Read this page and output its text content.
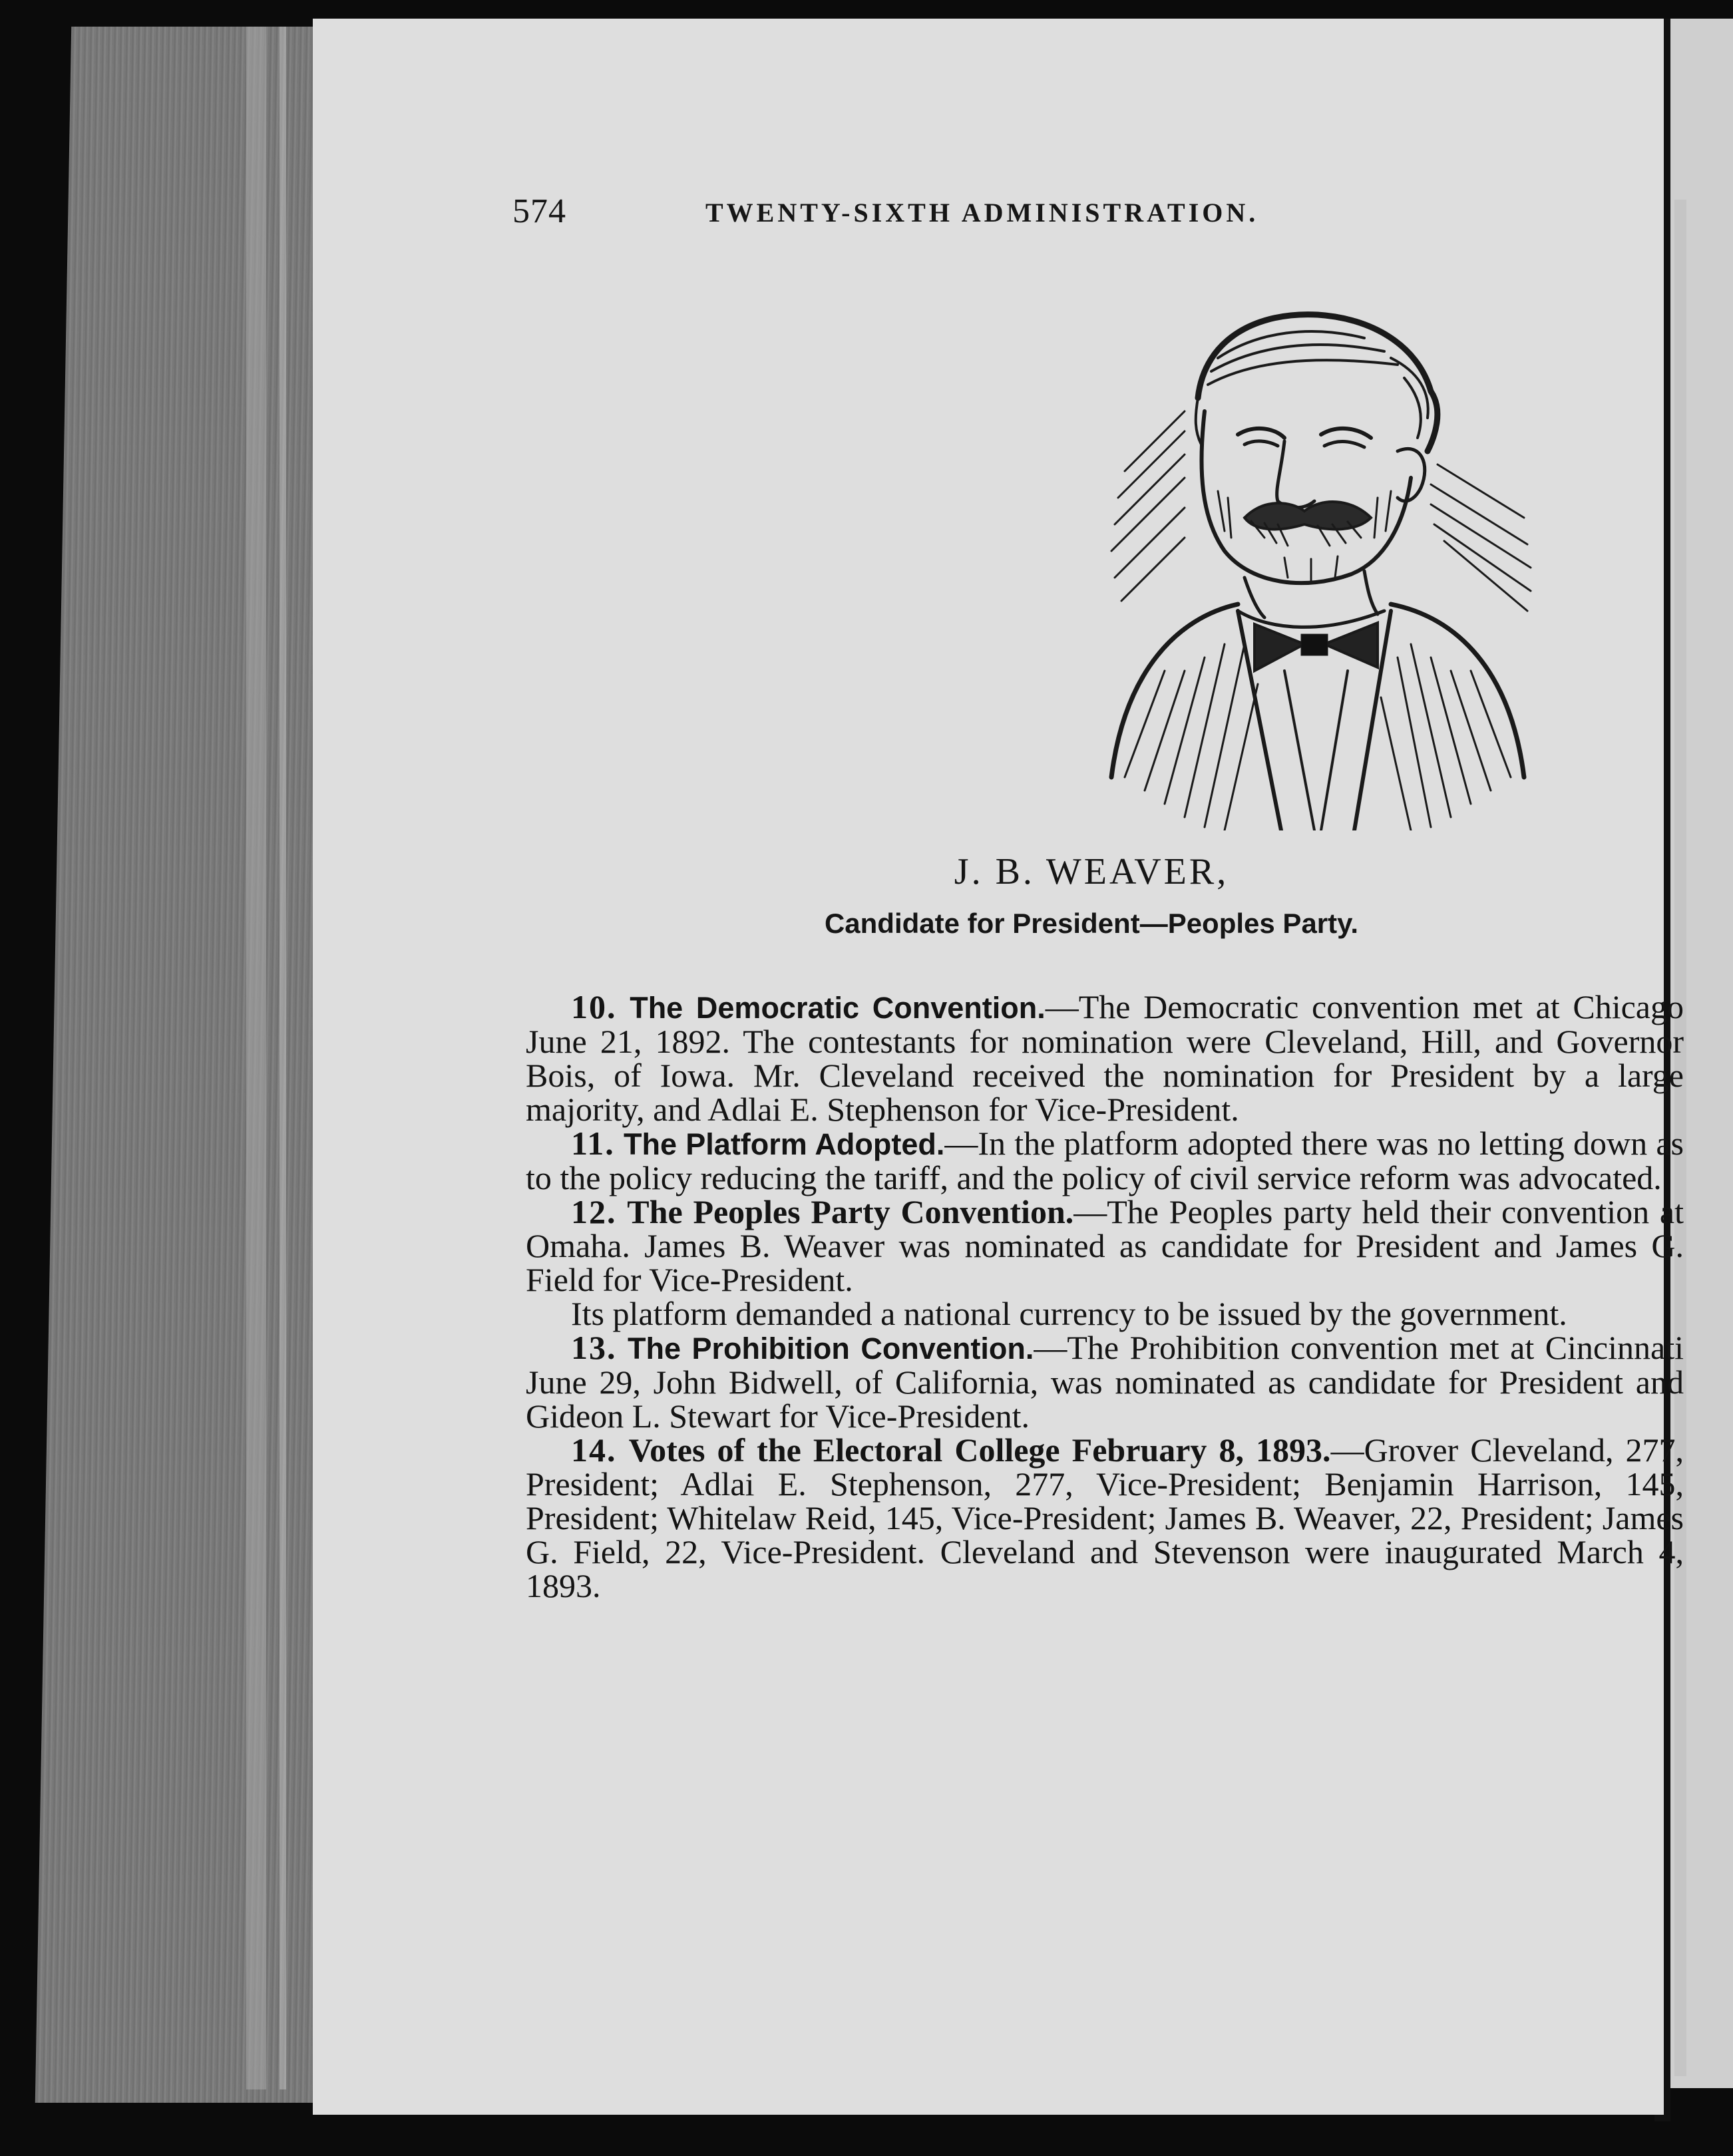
574	TWENTY-SIXTH ADMINISTRATION.
J. B. WEAVER,
Candidate for President—Peoples Party.

10. The Democratic Convention.—The Democratic convention met at Chicago June 21, 1892. The contestants for nomination were Cleveland, Hill, and Governor Bois, of Iowa. Mr. Cleveland received the nomination for President by a large majority, and Adlai E. Stephenson for Vice-President.

11. The Platform Adopted.—In the platform adopted there was no letting down as to the policy reducing the tariff, and the policy of civil service reform was advocated.

12. The Peoples Party Convention.—The Peoples party held their convention at Omaha. James B. Weaver was nominated as candidate for President and James G. Field for Vice-President.

Its platform demanded a national currency to be issued by the government.

13. The Prohibition Convention.—The Prohibition convention met at Cincinnati June 29, John Bidwell, of California, was nominated as candidate for President and Gideon L. Stewart for Vice-President.

14. Votes of the Electoral College February 8, 1893.—Grover Cleveland, 277, President; Adlai E. Stephenson, 277, Vice-President; Benjamin Harrison, 145, President; Whitelaw Reid, 145, Vice-President; James B. Weaver, 22, President; James G. Field, 22, Vice-President. Cleveland and Stevenson were inaugurated March 4, 1893.
